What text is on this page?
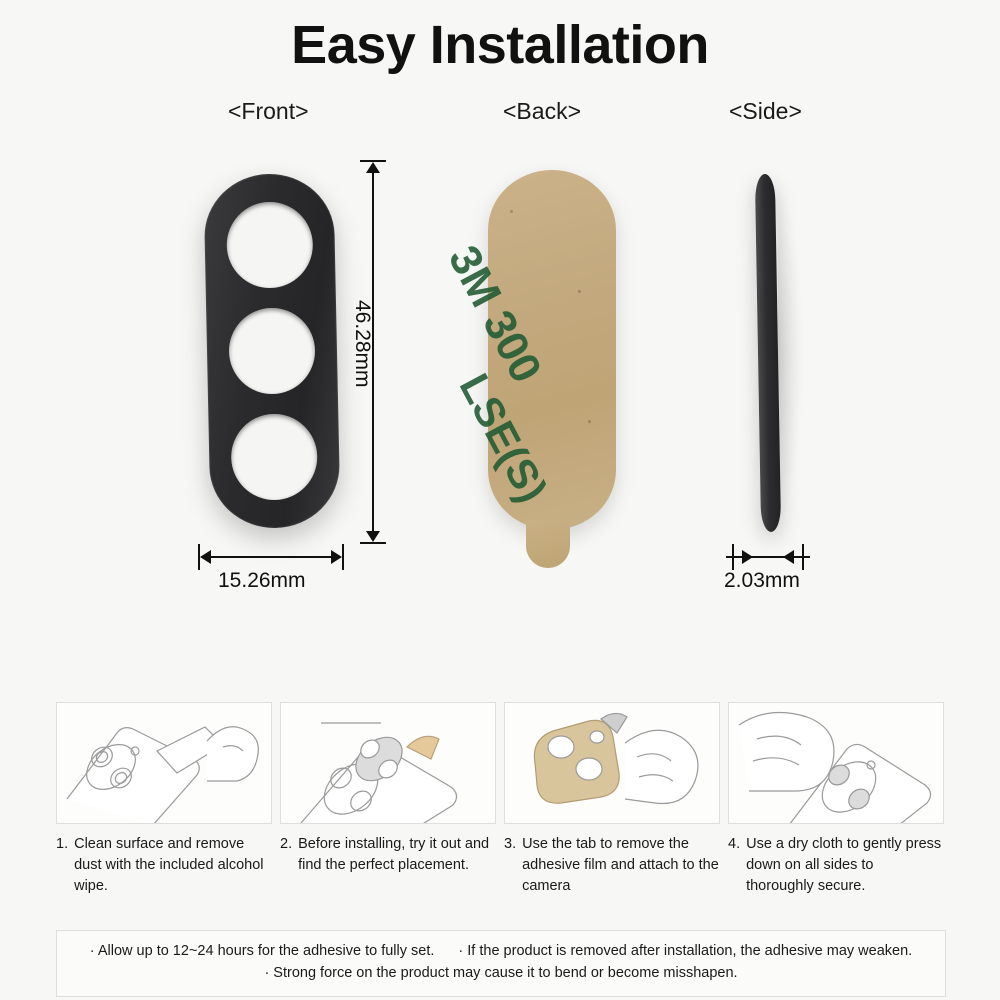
Easy Installation
<Front>	<Back>	<Side>
3M 300
LSE(S)
46.28mm
15.26mm	2.03mm
1. Clean surface and remove dust with the included alcohol wipe.
2. Before installing, try it out and find the perfect placement.
3. Use the tab to remove the adhesive film and attach to the camera
4. Use a dry cloth to gently press down on all sides to thoroughly secure.
· Allow up to 12~24 hours for the adhesive to fully set. · If the product is removed after installation, the adhesive may weaken.
· Strong force on the product may cause it to bend or become misshapen.
